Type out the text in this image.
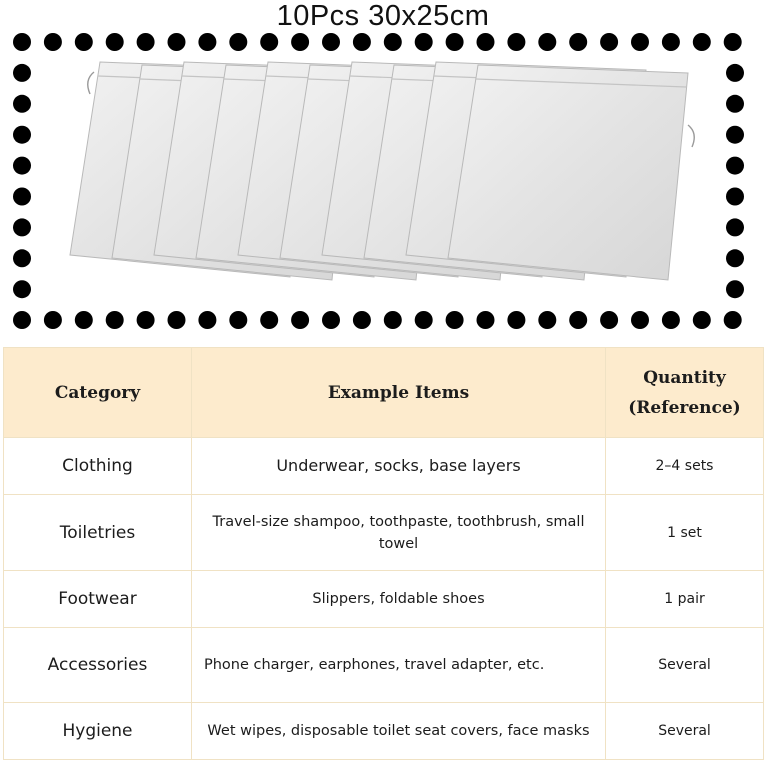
10Pcs 30x25cm
Category	Example Items	Quantity
(Reference)
Clothing	Underwear, socks, base layers	2–4 sets
Toiletries	Travel-size shampoo, toothpaste, toothbrush, small towel	1 set
Footwear	Slippers, foldable shoes	1 pair
Accessories	Phone charger, earphones, travel adapter, etc.	Several
Hygiene	Wet wipes, disposable toilet seat covers, face masks	Several
